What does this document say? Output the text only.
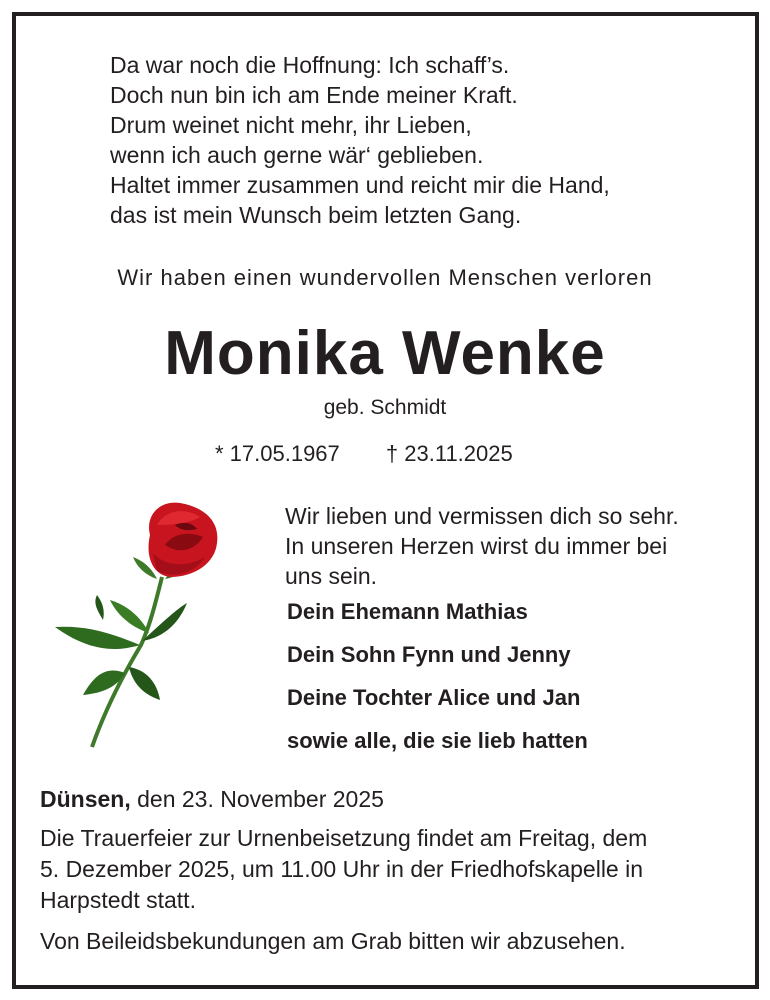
Da war noch die Hoffnung: Ich schaff’s.
Doch nun bin ich am Ende meiner Kraft.
Drum weinet nicht mehr, ihr Lieben,
wenn ich auch gerne wär‘ geblieben.
Haltet immer zusammen und reicht mir die Hand,
das ist mein Wunsch beim letzten Gang.
Wir haben einen wundervollen Menschen verloren
Monika Wenke
geb. Schmidt
* 17.05.1967 † 23.11.2025
Wir lieben und vermissen dich so sehr.
In unseren Herzen wirst du immer bei
uns sein.
Dein Ehemann Mathias
Dein Sohn Fynn und Jenny
Deine Tochter Alice und Jan
sowie alle, die sie lieb hatten
Dünsen, den 23. November 2025
Die Trauerfeier zur Urnenbeisetzung findet am Freitag, dem
5. Dezember 2025, um 11.00 Uhr in der Friedhofskapelle in
Harpstedt statt.
Von Beileidsbekundungen am Grab bitten wir abzusehen.
